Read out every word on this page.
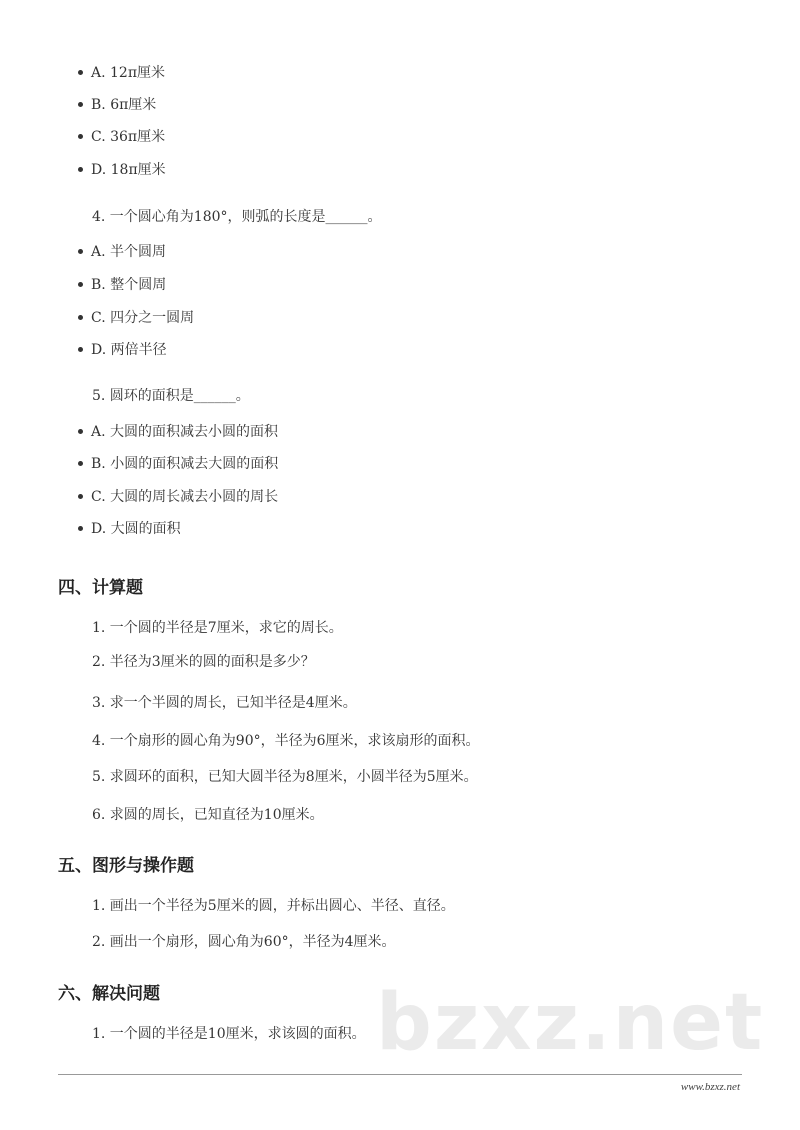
A. 12π厘米
B. 6π厘米
C. 36π厘米
D. 18π厘米
4. 一个圆心角为180°，则弧的长度是______。
A. 半个圆周
B. 整个圆周
C. 四分之一圆周
D. 两倍半径
5. 圆环的面积是______。
A. 大圆的面积减去小圆的面积
B. 小圆的面积减去大圆的面积
C. 大圆的周长减去小圆的周长
D. 大圆的面积
四、计算题
1. 一个圆的半径是7厘米，求它的周长。
2. 半径为3厘米的圆的面积是多少？
3. 求一个半圆的周长，已知半径是4厘米。
4. 一个扇形的圆心角为90°，半径为6厘米，求该扇形的面积。
5. 求圆环的面积，已知大圆半径为8厘米，小圆半径为5厘米。
6. 求圆的周长，已知直径为10厘米。
五、图形与操作题
1. 画出一个半径为5厘米的圆，并标出圆心、半径、直径。
2. 画出一个扇形，圆心角为60°，半径为4厘米。
六、解决问题
1. 一个圆的半径是10厘米，求该圆的面积。 bzxz.net
www.bzxz.net
